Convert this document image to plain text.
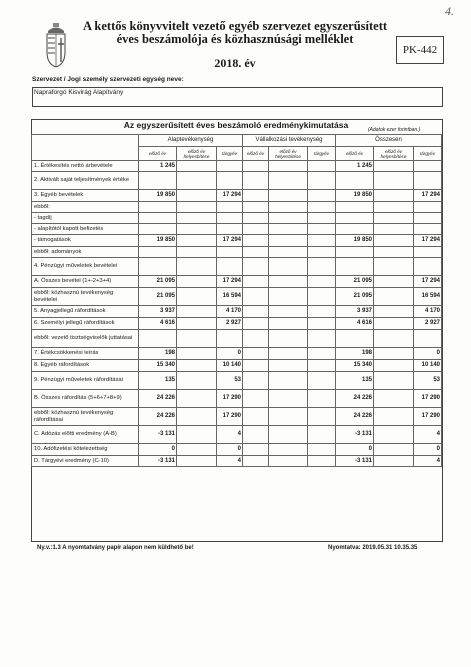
4.
A kettős könyvvitelt vezető egyéb szervezet egyszerűsített
éves beszámolója és közhasznúsági melléklet
2018. év
PK-442
Szervezet / Jogi személy szervezeti egység neve:
Napraforgó Kisvirág Alapítvány
Az egyszerűsített éves beszámoló eredménykimutatása	(Adatok ezer forintban.)
	Alaptevékenység			Vállalkozási tevékenység			Összesen		
	előző év	előző év helyesbítése	tárgyév	előző év	előző év helyesbítése	tárgyév	előző év	előző év helyesbítése	tárgyév
1. Értékesítés nettó árbevétele	1 245						1 245		
2. Aktivált saját teljesítmények értéke									
3. Egyéb bevételek	19 850		17 294				19 850		17 294
ebből:									
- tagdíj									
- alapítótól kapott befizetés									
- támogatások	19 850		17 294				19 850		17 294
ebből: adományok									
4. Pénzügyi műveletek bevételei									
A. Összes bevétel (1+-2+3+4)	21 095		17 294				21 095		17 294
ebből: közhasznú tevékenység bevételei	21 095		16 594				21 095		16 594
5. Anyagjellegű ráfordítások	3 937		4 170				3 937		4 170
6. Személyi jellegű ráfordítások	4 616		2 927				4 616		2 927
ebből: vezető tisztségviselők juttatásai									
7. Értékcsökkenési leírás	198		0				198		0
8. Egyéb ráfordítások	15 340		10 140				15 340		10 140
9. Pénzügyi műveletek ráfordításai	135		53				135		53
B. Összes ráfordítás (5+6+7+8+9)	24 226		17 290				24 226		17 290
ebből: közhasznú tevékenység ráfordításai	24 226		17 290				24 226		17 290
C. Adózás előtti eredmény (A-B)	-3 131		4				-3 131		4
10. Adófizetési kötelezettség	0		0				0		0
D. Tárgyévi eredmény (C-10)	-3 131		4				-3 131		4
Ny.v.:1.3 A nyomtatvány papír alapon nem küldhető be!	Nyomtatva: 2019.05.31 10.35.35
